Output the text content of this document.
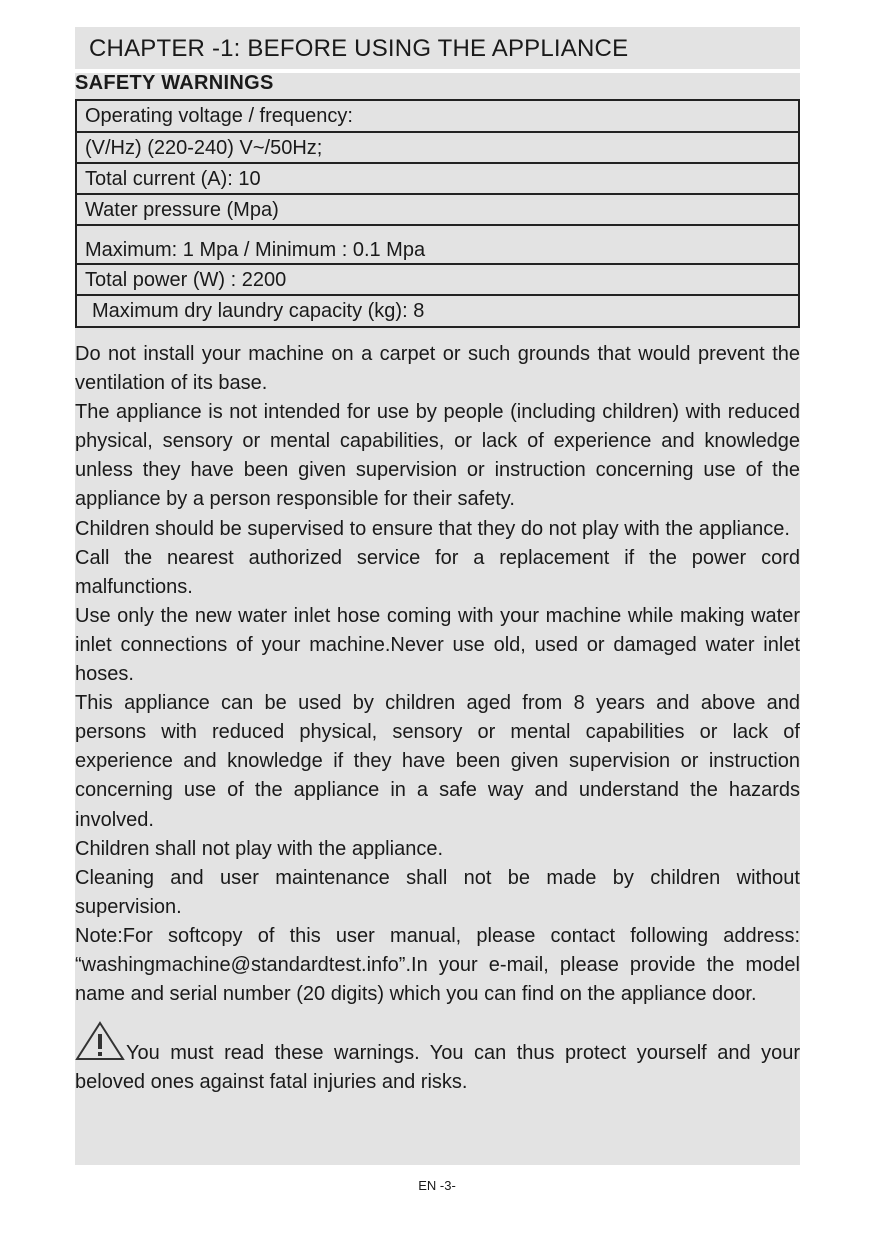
CHAPTER -1: BEFORE USING THE APPLIANCE
SAFETY WARNINGS
Operating voltage / frequency:
(V/Hz) (220-240) V~/50Hz;
Total current (A): 10
Water pressure (Mpa)
Maximum: 1 Mpa / Minimum : 0.1 Mpa
Total power (W) : 2200
Maximum dry laundry capacity (kg): 8

Do not install your machine on a carpet or such grounds that would prevent the ventilation of its base.

The appliance is not intended for use by people (including children) with reduced physical, sensory or mental capabilities, or lack of experience and knowledge unless they have been given supervision or instruction concerning use of the appliance by a person responsible for their safety.

Children should be supervised to ensure that they do not play with the appliance.

Call the nearest authorized service for a replacement if the power cord malfunctions.

Use only the new water inlet hose coming with your machine while making water inlet connections of your machine.Never use old, used or damaged water inlet hoses.

This appliance can be used by children aged from 8 years and above and persons with reduced physical, sensory or mental capabilities or lack of experience and knowledge if they have been given supervision or instruction concerning use of the appliance in a safe way and understand the hazards involved.

Children shall not play with the appliance.

Cleaning and user maintenance shall not be made by children without supervision.

Note:For softcopy of this user manual, please contact following address: “washingmachine@standardtest.info”.In your e-mail, please provide the model name and serial number (20 digits) which you can find on the appliance door.

You must read these warnings. You can thus protect yourself and your beloved ones against fatal injuries and risks.

EN -3-
